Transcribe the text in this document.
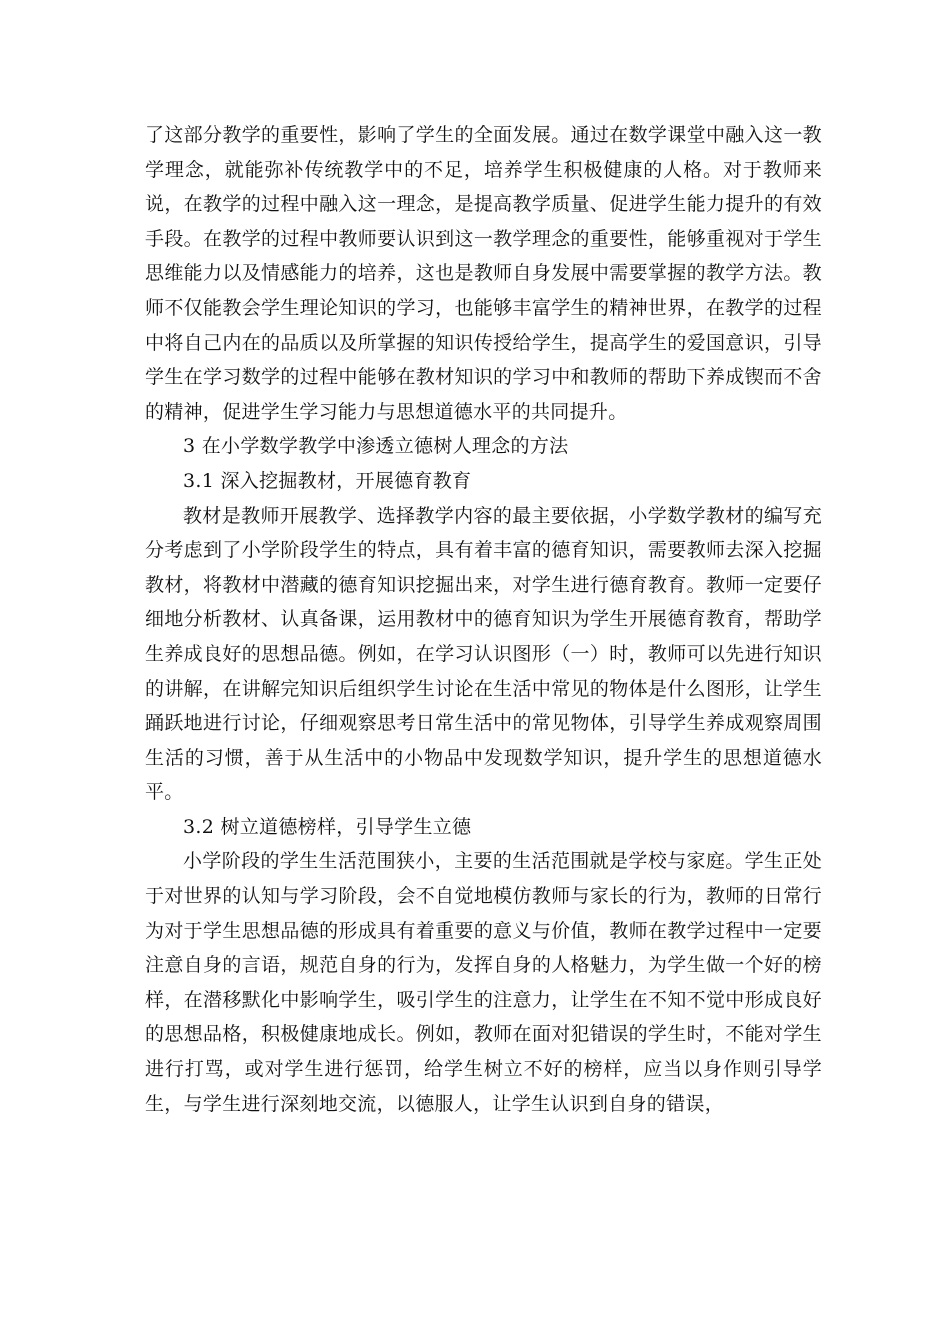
了这部分教学的重要性，影响了学生的全面发展。通过在数学课堂中融入这一教学理念，就能弥补传统教学中的不足，培养学生积极健康的人格。对于教师来说，在教学的过程中融入这一理念，是提高教学质量、促进学生能力提升的有效手段。在教学的过程中教师要认识到这一教学理念的重要性，能够重视对于学生思维能力以及情感能力的培养，这也是教师自身发展中需要掌握的教学方法。教师不仅能教会学生理论知识的学习，也能够丰富学生的精神世界，在教学的过程中将自己内在的品质以及所掌握的知识传授给学生，提高学生的爱国意识，引导学生在学习数学的过程中能够在教材知识的学习中和教师的帮助下养成锲而不舍的精神，促进学生学习能力与思想道德水平的共同提升。

3 在小学数学教学中渗透立德树人理念的方法

3.1 深入挖掘教材，开展德育教育

教材是教师开展教学、选择教学内容的最主要依据，小学数学教材的编写充分考虑到了小学阶段学生的特点，具有着丰富的德育知识，需要教师去深入挖掘教材，将教材中潜藏的德育知识挖掘出来，对学生进行德育教育。教师一定要仔细地分析教材、认真备课，运用教材中的德育知识为学生开展德育教育，帮助学生养成良好的思想品德。例如，在学习认识图形（一）时，教师可以先进行知识的讲解，在讲解完知识后组织学生讨论在生活中常见的物体是什么图形，让学生踊跃地进行讨论，仔细观察思考日常生活中的常见物体，引导学生养成观察周围生活的习惯，善于从生活中的小物品中发现数学知识，提升学生的思想道德水平。

3.2 树立道德榜样，引导学生立德

小学阶段的学生生活范围狭小，主要的生活范围就是学校与家庭。学生正处于对世界的认知与学习阶段，会不自觉地模仿教师与家长的行为，教师的日常行为对于学生思想品德的形成具有着重要的意义与价值，教师在教学过程中一定要注意自身的言语，规范自身的行为，发挥自身的人格魅力，为学生做一个好的榜样，在潜移默化中影响学生，吸引学生的注意力，让学生在不知不觉中形成良好的思想品格，积极健康地成长。例如，教师在面对犯错误的学生时，不能对学生进行打骂，或对学生进行惩罚，给学生树立不好的榜样，应当以身作则引导学生，与学生进行深刻地交流，以德服人，让学生认识到自身的错误，
